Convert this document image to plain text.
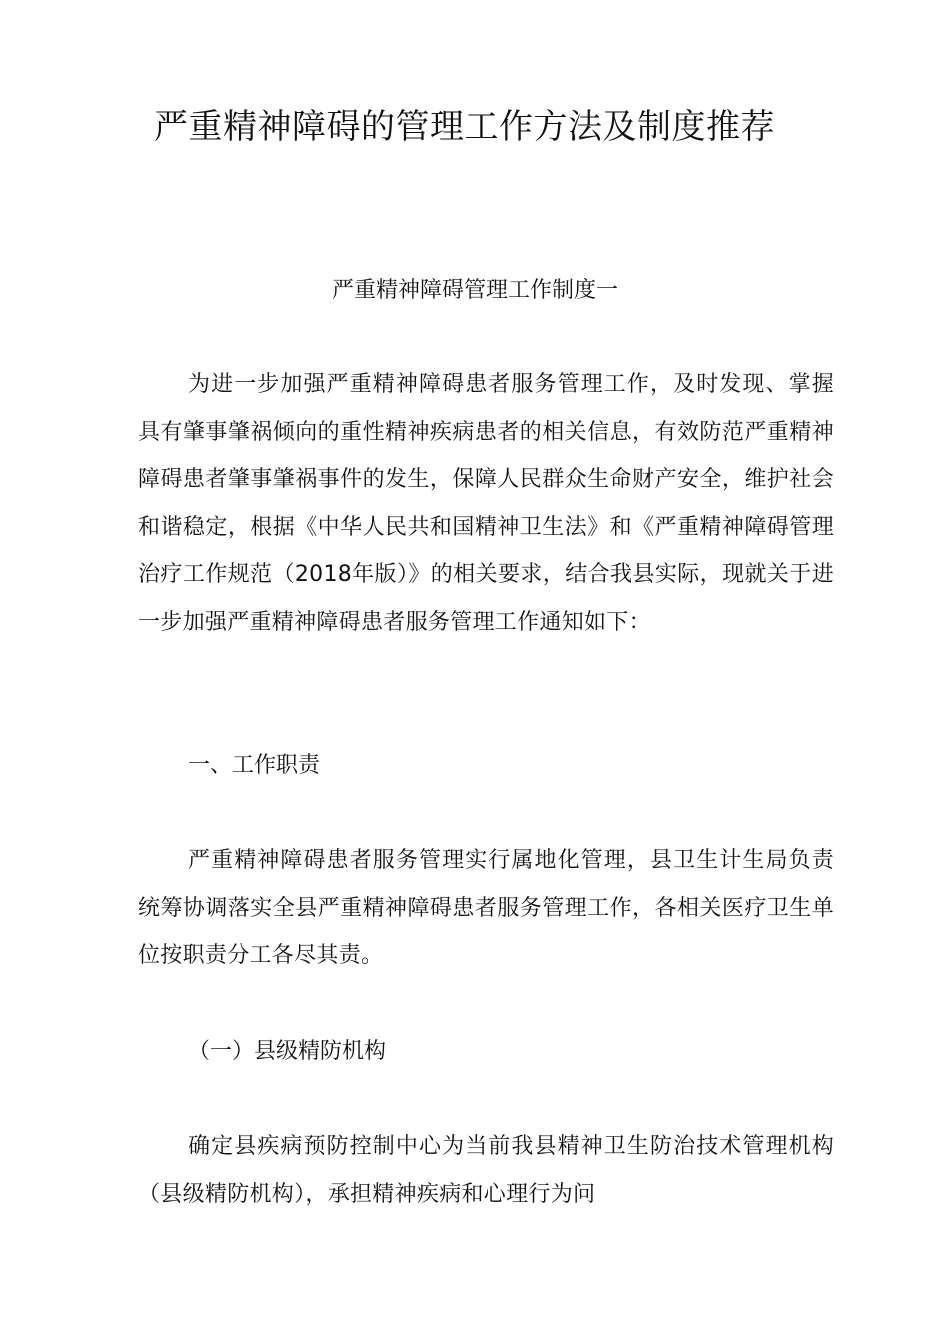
严重精神障碍的管理工作方法及制度推荐

严重精神障碍管理工作制度一

为进一步加强严重精神障碍患者服务管理工作，及时发现、掌握具有肇事肇祸倾向的重性精神疾病患者的相关信息，有效防范严重精神障碍患者肇事肇祸事件的发生，保障人民群众生命财产安全，维护社会和谐稳定，根据《中华人民共和国精神卫生法》和《严重精神障碍管理治疗工作规范（2018年版）》的相关要求，结合我县实际，现就关于进一步加强严重精神障碍患者服务管理工作通知如下：

一、工作职责

严重精神障碍患者服务管理实行属地化管理，县卫生计生局负责统筹协调落实全县严重精神障碍患者服务管理工作，各相关医疗卫生单位按职责分工各尽其责。

（一）县级精防机构

确定县疾病预防控制中心为当前我县精神卫生防治技术管理机构（县级精防机构），承担精神疾病和心理行为问
